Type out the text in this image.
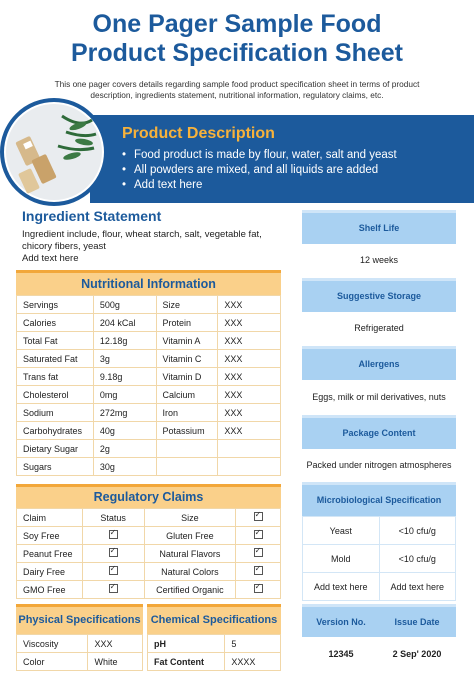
One Pager Sample Food
Product Specification Sheet
This one pager covers details regarding sample food product specification sheet in terms of product description, ingredients statement, nutritional information, regulatory claims, etc.
Product Description
• Food product is made by flour, water, salt and yeast
• All powders are mixed, and all liquids are added
• Add text here
Ingredient Statement
Ingredient include, flour, wheat starch, salt, vegetable fat, chicory fibers, yeast
Add text here
Nutritional Information
Servings	500g	Size	XXX
Calories	204 kCal	Protein	XXX
Total Fat	12.18g	Vitamin A	XXX
Saturated Fat	3g	Vitamin C	XXX
Trans fat	9.18g	Vitamin D	XXX
Cholesterol	0mg	Calcium	XXX
Sodium	272mg	Iron	XXX
Carbohydrates	40g	Potassium	XXX
Dietary Sugar	2g		
Sugars	30g		
Regulatory Claims
Claim	Status	Size	✓
Soy Free	✓	Gluten Free	✓
Peanut Free	✓	Natural Flavors	✓
Dairy Free	✓	Natural Colors	✓
GMO Free	✓	Certified Organic	✓
Physical Specifications Chemical Specifications
Viscosity	XXX
Color	White
pH	5
Fat Content	XXXX
Shelf Life
12 weeks
Suggestive Storage
Refrigerated
Allergens
Eggs, milk or mil derivatives, nuts
Package Content
Packed under nitrogen atmospheres
Microbiological Specification
Yeast	<10 cfu/g
Mold	<10 cfu/g
Add text here	Add text here
Version No.	Issue Date
12345	2 Sep' 2020
